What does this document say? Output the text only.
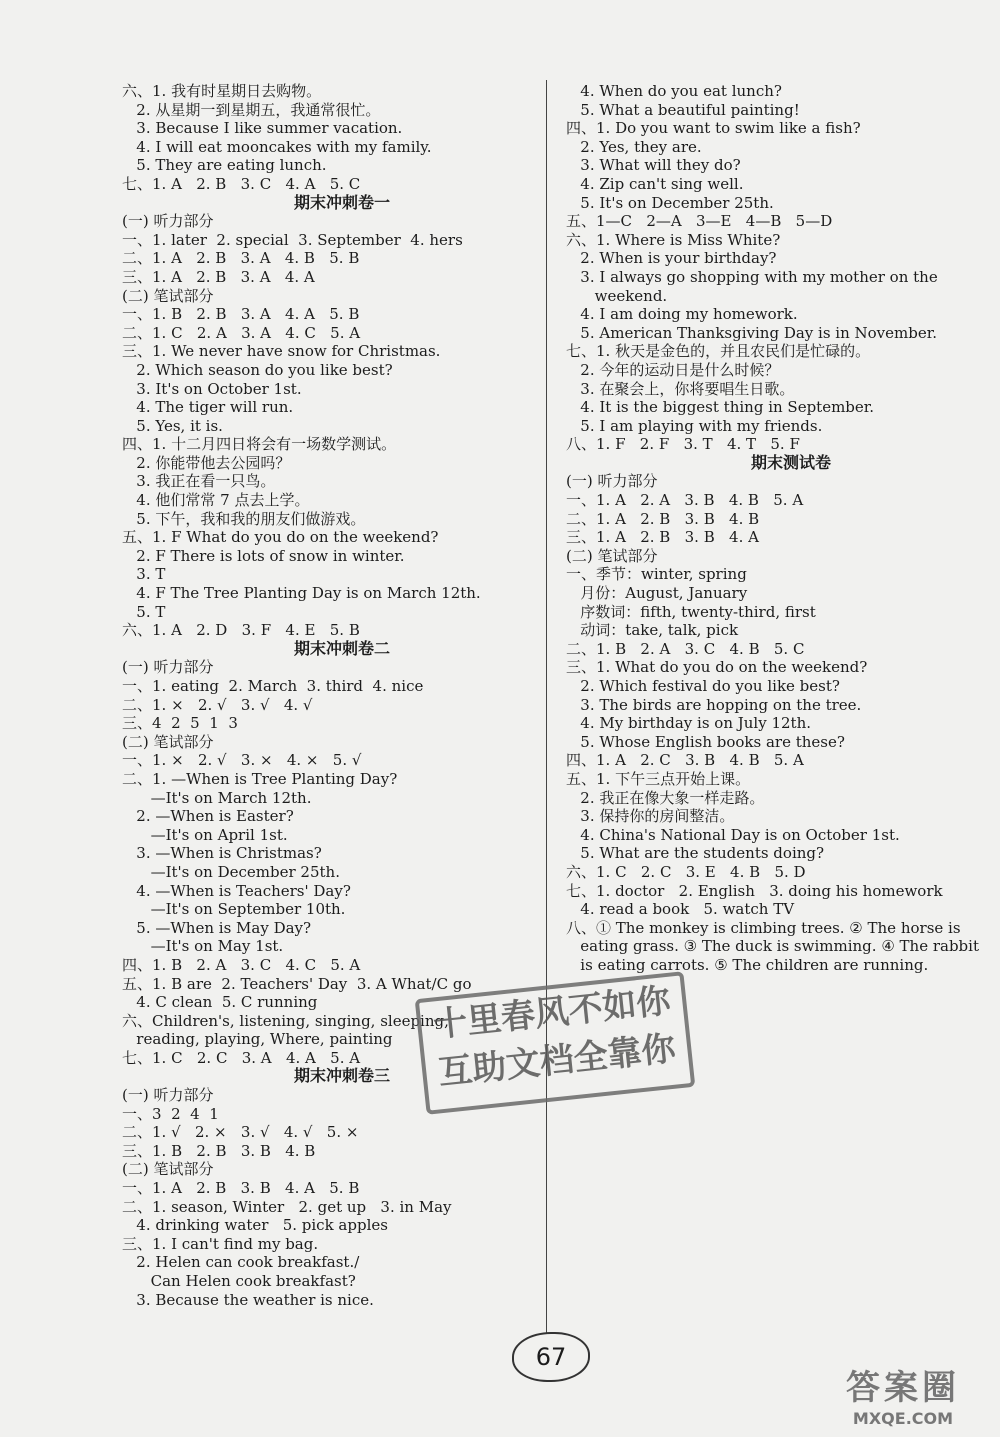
六、1. 我有时星期日去购物。
2. 从星期一到星期五，我通常很忙。
3. Because I like summer vacation.
4. I will eat mooncakes with my family.
5. They are eating lunch.
七、1. A   2. B   3. C   4. A   5. C
期末冲刺卷一
(一) 听力部分
一、1. later  2. special  3. September  4. hers
二、1. A   2. B   3. A   4. B   5. B
三、1. A   2. B   3. A   4. A
(二) 笔试部分
一、1. B   2. B   3. A   4. A   5. B
二、1. C   2. A   3. A   4. C   5. A
三、1. We never have snow for Christmas.
2. Which season do you like best?
3. It's on October 1st.
4. The tiger will run.
5. Yes, it is.
四、1. 十二月四日将会有一场数学测试。
2. 你能带他去公园吗？
3. 我正在看一只鸟。
4. 他们常常 7 点去上学。
5. 下午，我和我的朋友们做游戏。
五、1. F What do you do on the weekend?
2. F There is lots of snow in winter.
3. T
4. F The Tree Planting Day is on March 12th.
5. T
六、1. A   2. D   3. F   4. E   5. B
期末冲刺卷二
(一) 听力部分
一、1. eating  2. March  3. third  4. nice
二、1. ×   2. √   3. √   4. √
三、4  2  5  1  3
(二) 笔试部分
一、1. ×   2. √   3. ×   4. ×   5. √
二、1. —When is Tree Planting Day?
—It's on March 12th.
2. —When is Easter?
—It's on April 1st.
3. —When is Christmas?
—It's on December 25th.
4. —When is Teachers' Day?
—It's on September 10th.
5. —When is May Day?
—It's on May 1st.
四、1. B   2. A   3. C   4. C   5. A
五、1. B are  2. Teachers' Day  3. A What/C go
4. C clean  5. C running
六、Children's, listening, singing, sleeping,
reading, playing, Where, painting
七、1. C   2. C   3. A   4. A   5. A
期末冲刺卷三
(一) 听力部分
一、3  2  4  1
二、1. √   2. ×   3. √   4. √   5. ×
三、1. B   2. B   3. B   4. B
(二) 笔试部分
一、1. A   2. B   3. B   4. A   5. B
二、1. season, Winter   2. get up   3. in May
4. drinking water   5. pick apples
三、1. I can't find my bag.
2. Helen can cook breakfast./
Can Helen cook breakfast?
3. Because the weather is nice.
4. When do you eat lunch?
5. What a beautiful painting!
四、1. Do you want to swim like a fish?
2. Yes, they are.
3. What will they do?
4. Zip can't sing well.
5. It's on December 25th.
五、1—C   2—A   3—E   4—B   5—D
六、1. Where is Miss White?
2. When is your birthday?
3. I always go shopping with my mother on the
weekend.
4. I am doing my homework.
5. American Thanksgiving Day is in November.
七、1. 秋天是金色的，并且农民们是忙碌的。
2. 今年的运动日是什么时候？
3. 在聚会上，你将要唱生日歌。
4. It is the biggest thing in September.
5. I am playing with my friends.
八、1. F   2. F   3. T   4. T   5. F
期末测试卷
(一) 听力部分
一、1. A   2. A   3. B   4. B   5. A
二、1. A   2. B   3. B   4. B
三、1. A   2. B   3. B   4. A
(二) 笔试部分
一、季节：winter, spring
月份：August, January
序数词：fifth, twenty-third, first
动词：take, talk, pick
二、1. B   2. A   3. C   4. B   5. C
三、1. What do you do on the weekend?
2. Which festival do you like best?
3. The birds are hopping on the tree.
4. My birthday is on July 12th.
5. Whose English books are these?
四、1. A   2. C   3. B   4. B   5. A
五、1. 下午三点开始上课。
2. 我正在像大象一样走路。
3. 保持你的房间整洁。
4. China's National Day is on October 1st.
5. What are the students doing?
六、1. C   2. C   3. E   4. B   5. D
七、1. doctor   2. English   3. doing his homework
4. read a book   5. watch TV
八、① The monkey is climbing trees. ② The horse is
eating grass. ③ The duck is swimming. ④ The rabbit
is eating carrots. ⑤ The children are running.
十里春风不如你
互助文档全靠你
67
答案圈
MXQE.COM
